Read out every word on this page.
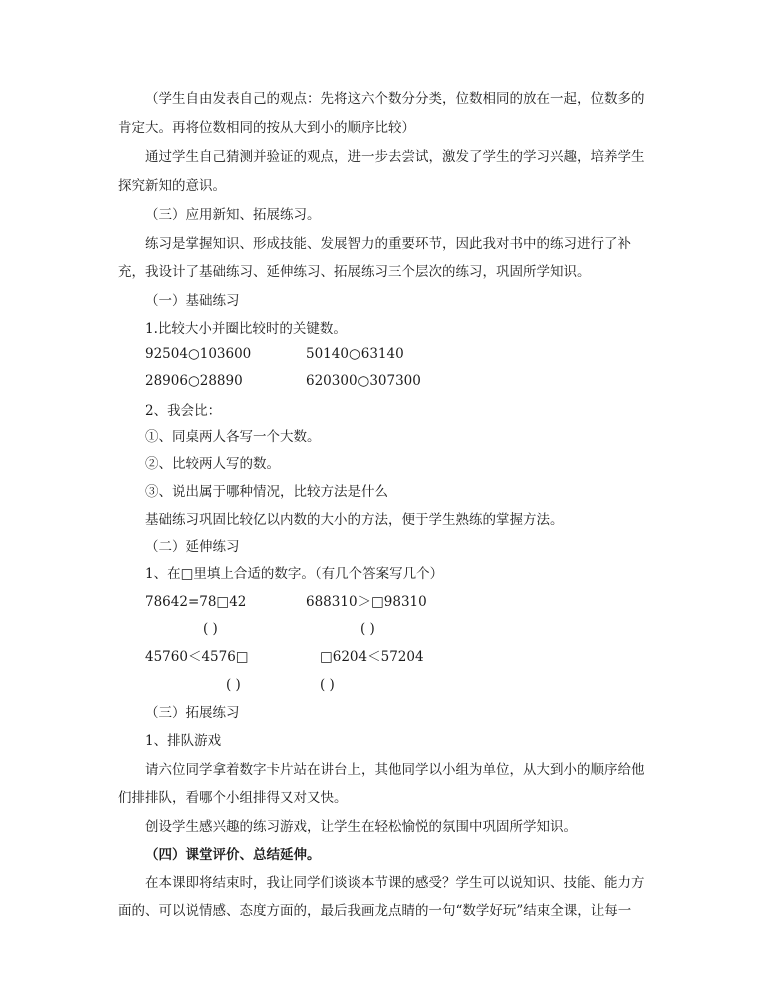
（学生自由发表自己的观点：先将这六个数分分类，位数相同的放在一起，位数多的

肯定大。再将位数相同的按从大到小的顺序比较）

通过学生自己猜测并验证的观点，进一步去尝试，激发了学生的学习兴趣，培养学生

探究新知的意识。

（三）应用新知、拓展练习。

练习是掌握知识、形成技能、发展智力的重要环节，因此我对书中的练习进行了补

充，我设计了基础练习、延伸练习、拓展练习三个层次的练习，巩固所学知识。

（一）基础练习

1.比较大小并圈比较时的关键数。

92504○103600	50140○63140

28906○28890	620300○307300

2、我会比：

①、同桌两人各写一个大数。

②、比较两人写的数。

③、说出属于哪种情况，比较方法是什么

基础练习巩固比较亿以内数的大小的方法，便于学生熟练的掌握方法。

（二）延伸练习

1、在□里填上合适的数字。（有几个答案写几个）

78642=78□42	688310＞□98310

( )	( )

45760＜4576□	□6204＜57204

( )	( )

（三）拓展练习

1、排队游戏

请六位同学拿着数字卡片站在讲台上，其他同学以小组为单位，从大到小的顺序给他

们排排队，看哪个小组排得又对又快。

创设学生感兴趣的练习游戏，让学生在轻松愉悦的氛围中巩固所学知识。

（四）课堂评价、总结延伸。

在本课即将结束时，我让同学们谈谈本节课的感受？学生可以说知识、技能、能力方

面的、可以说情感、态度方面的，最后我画龙点睛的一句“数学好玩”结束全课，让每一
